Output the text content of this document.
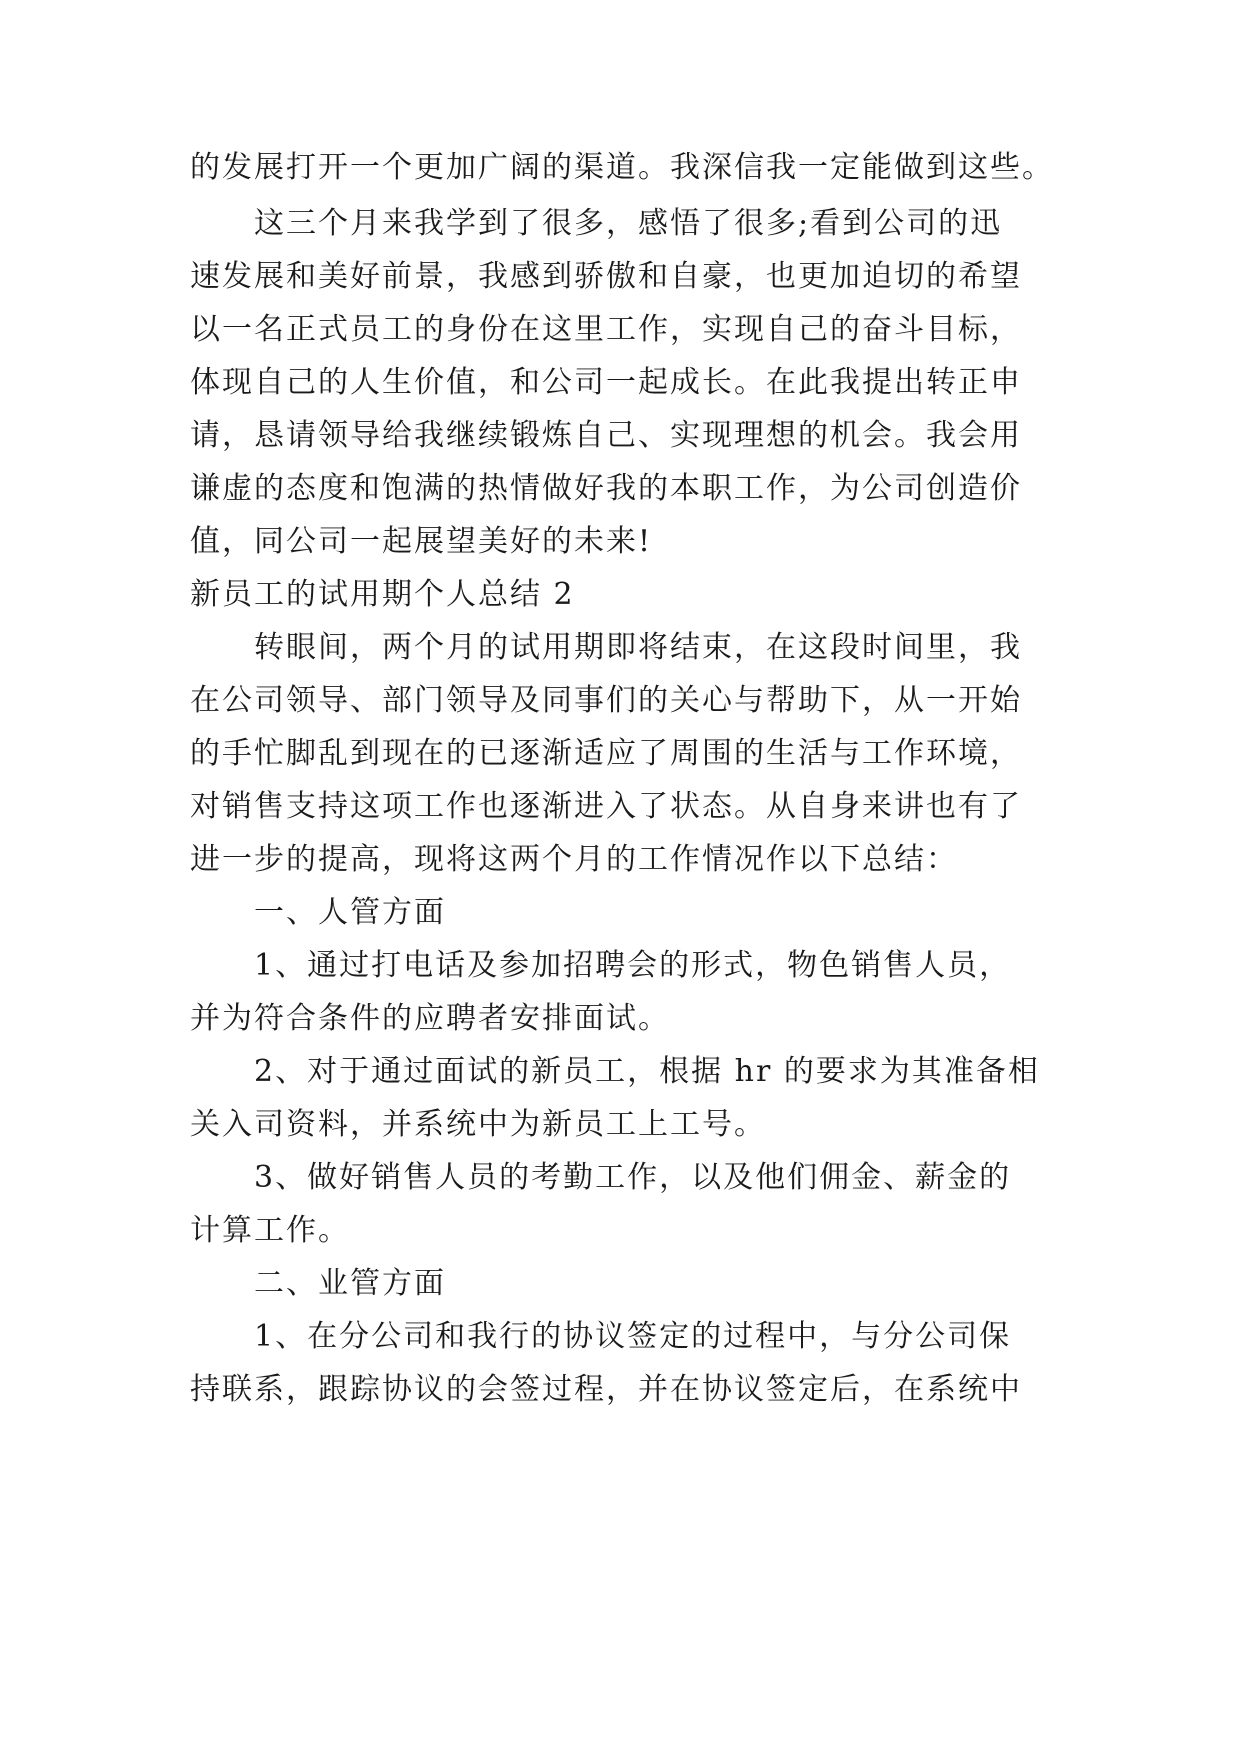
的发展打开一个更加广阔的渠道。我深信我一定能做到这些。
这三个月来我学到了很多，感悟了很多;看到公司的迅
速发展和美好前景，我感到骄傲和自豪，也更加迫切的希望
以一名正式员工的身份在这里工作，实现自己的奋斗目标，
体现自己的人生价值，和公司一起成长。在此我提出转正申
请，恳请领导给我继续锻炼自己、实现理想的机会。我会用
谦虚的态度和饱满的热情做好我的本职工作，为公司创造价
值，同公司一起展望美好的未来!
新员工的试用期个人总结 2
转眼间，两个月的试用期即将结束，在这段时间里，我
在公司领导、部门领导及同事们的关心与帮助下，从一开始
的手忙脚乱到现在的已逐渐适应了周围的生活与工作环境，
对销售支持这项工作也逐渐进入了状态。从自身来讲也有了
进一步的提高，现将这两个月的工作情况作以下总结：
一、人管方面
1、通过打电话及参加招聘会的形式，物色销售人员，
并为符合条件的应聘者安排面试。
2、对于通过面试的新员工，根据 hr 的要求为其准备相
关入司资料，并系统中为新员工上工号。
3、做好销售人员的考勤工作，以及他们佣金、薪金的
计算工作。
二、业管方面
1、在分公司和我行的协议签定的过程中，与分公司保
持联系，跟踪协议的会签过程，并在协议签定后，在系统中
